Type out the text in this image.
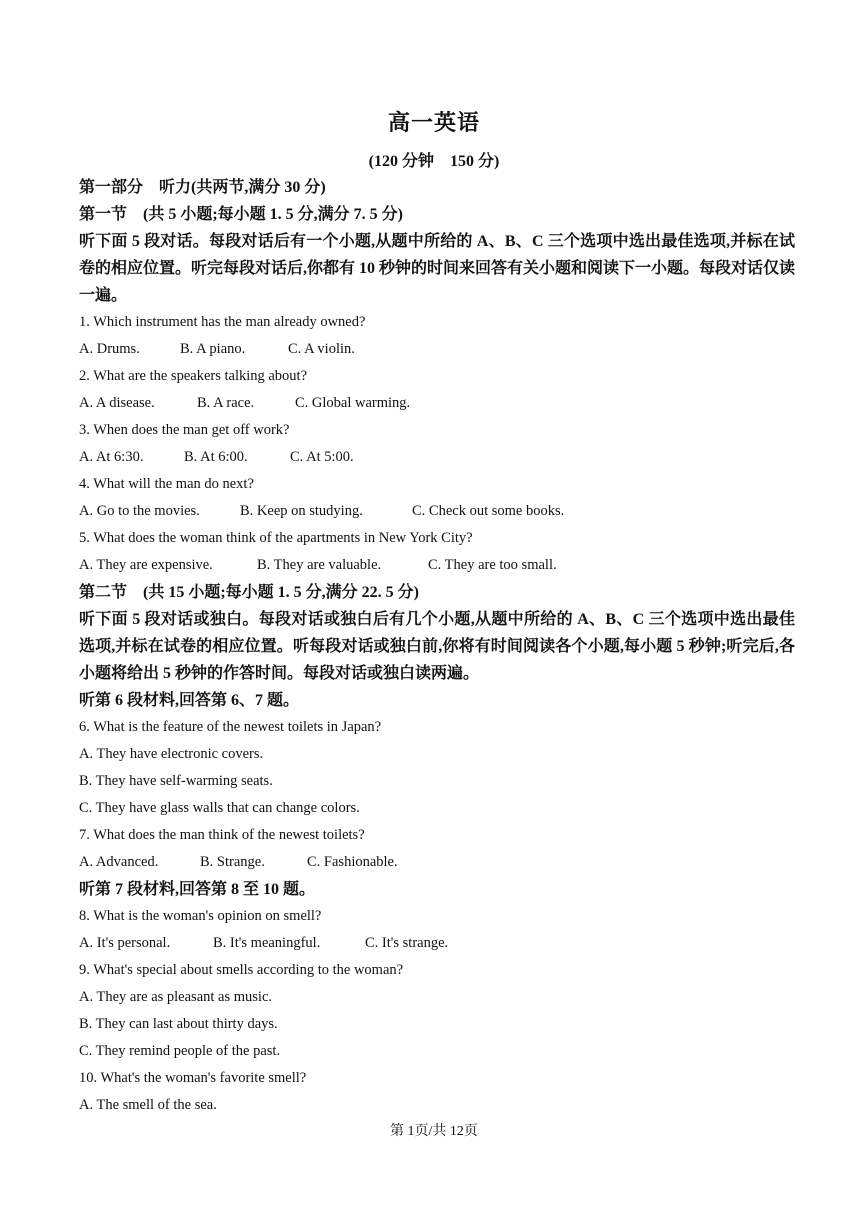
高一英语
(120 分钟　150 分)
第一部分　听力(共两节,满分 30 分)
第一节　(共 5 小题;每小题 1. 5 分,满分 7. 5 分)
听下面 5 段对话。每段对话后有一个小题,从题中所给的 A、B、C 三个选项中选出最佳选项,并标在试卷的相应位置。听完每段对话后,你都有 10 秒钟的时间来回答有关小题和阅读下一小题。每段对话仅读一遍。
1. Which instrument has the man already owned?
A. Drums.	B. A piano.	C. A violin.
2. What are the speakers talking about?
A. A disease.	B. A race.	C. Global warming.
3. When does the man get off work?
A. At 6:30.	B. At 6:00.	C. At 5:00.
4. What will the man do next?
A. Go to the movies.	B. Keep on studying.	C. Check out some books.
5. What does the woman think of the apartments in New York City?
A. They are expensive.	B. They are valuable.	C. They are too small.
第二节　(共 15 小题;每小题 1. 5 分,满分 22. 5 分)
听下面 5 段对话或独白。每段对话或独白后有几个小题,从题中所给的 A、B、C 三个选项中选出最佳选项,并标在试卷的相应位置。听每段对话或独白前,你将有时间阅读各个小题,每小题 5 秒钟;听完后,各小题将给出 5 秒钟的作答时间。每段对话或独白读两遍。
听第 6 段材料,回答第 6、7 题。
6. What is the feature of the newest toilets in Japan?
A. They have electronic covers.
B. They have self-warming seats.
C. They have glass walls that can change colors.
7. What does the man think of the newest toilets?
A. Advanced.	B. Strange.	C. Fashionable.
听第 7 段材料,回答第 8 至 10 题。
8. What is the woman's opinion on smell?
A. It's personal.	B. It's meaningful.	C. It's strange.
9. What's special about smells according to the woman?
A. They are as pleasant as music.
B. They can last about thirty days.
C. They remind people of the past.
10. What's the woman's favorite smell?
A. The smell of the sea.
第 1页/共 12页
